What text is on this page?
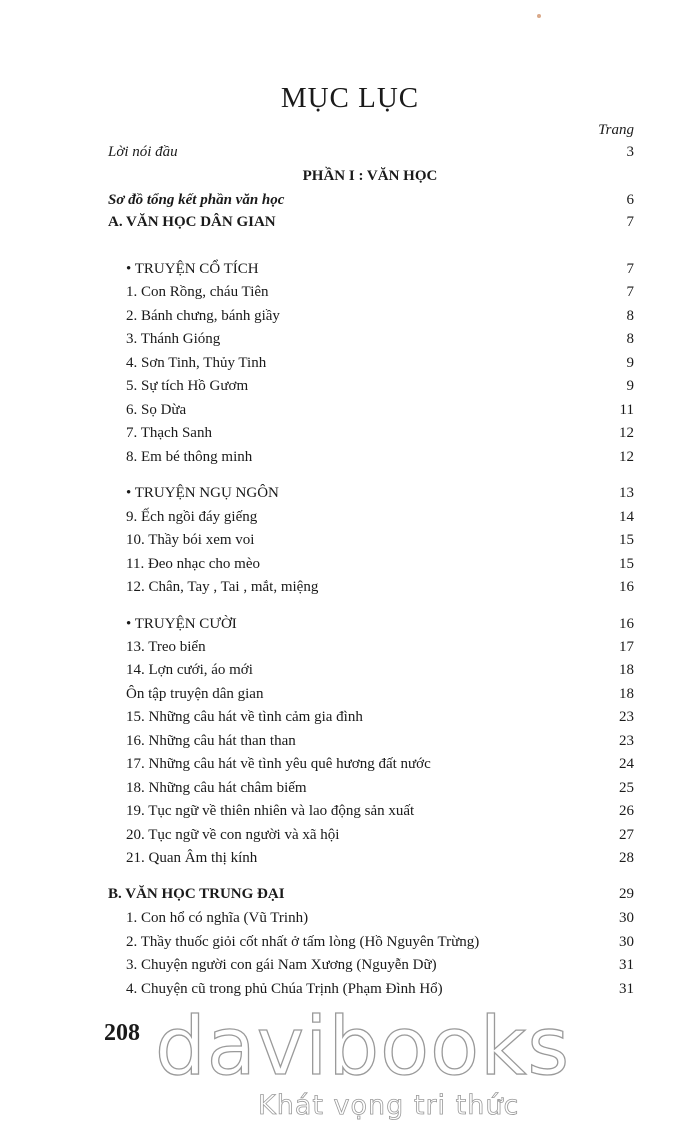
MỤC LỤC
Trang
Lời nói đầu	3
PHẦN I : VĂN HỌC
Sơ đồ tổng kết phần văn học	6
A. VĂN HỌC DÂN GIAN	7
• TRUYỆN CỔ TÍCH	7
1. Con Rồng, cháu Tiên	7
2. Bánh chưng, bánh giầy	8
3. Thánh Gióng	8
4. Sơn Tinh, Thủy Tinh	9
5. Sự tích Hồ Gươm	9
6. Sọ Dừa	11
7. Thạch Sanh	12
8. Em bé thông minh	12
• TRUYỆN NGỤ NGÔN	13
9. Ếch ngồi đáy giếng	14
10. Thầy bói xem voi	15
11. Đeo nhạc cho mèo	15
12. Chân, Tay , Tai , mắt, miệng	16
• TRUYỆN CƯỜI	16
13. Treo biển	17
14. Lợn cưới, áo mới	18
Ôn tập truyện dân gian	18
15. Những câu hát về tình cảm gia đình	23
16. Những câu hát than than	23
17. Những câu hát về tình yêu quê hương đất nước	24
18. Những câu hát châm biếm	25
19. Tục ngữ về thiên nhiên và lao động sản xuất	26
20. Tục ngữ về con người và xã hội	27
21. Quan Âm thị kính	28
B. VĂN HỌC TRUNG ĐẠI	29
1. Con hổ có nghĩa (Vũ Trinh)	30
2. Thầy thuốc giỏi cốt nhất ở tấm lòng (Hồ Nguyên Trừng)	30
3. Chuyện người con gái Nam Xương (Nguyễn Dữ)	31
4. Chuyện cũ trong phủ Chúa Trịnh (Phạm Đình Hổ)	31
208 davibooks
Khát vọng tri thức
